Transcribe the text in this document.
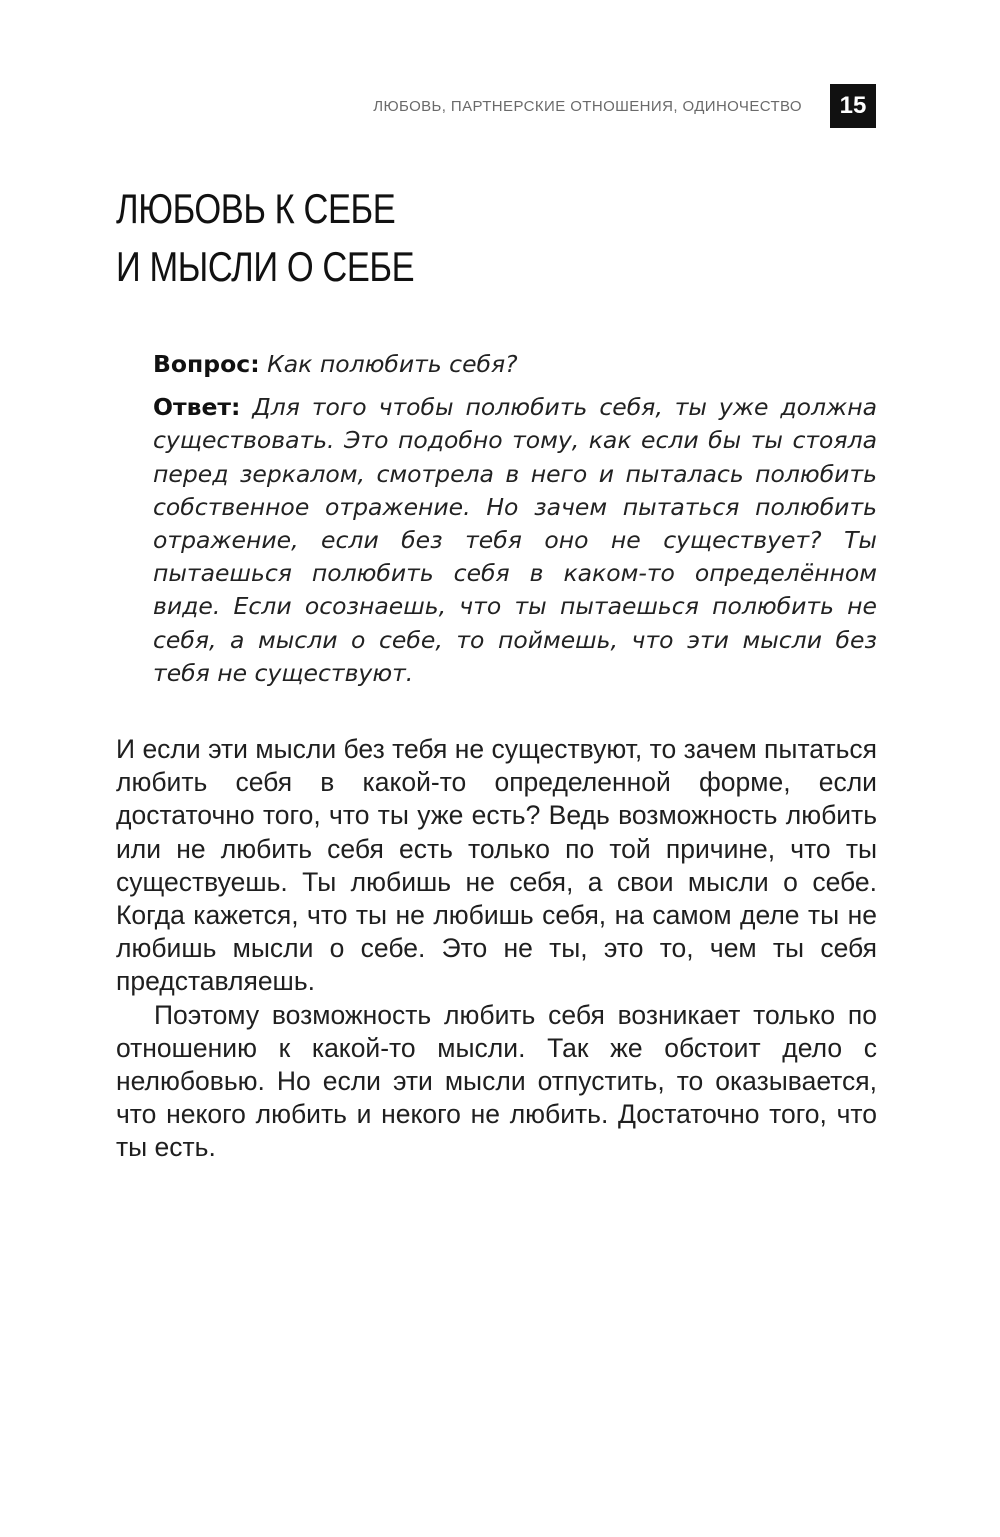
ЛЮБОВЬ, ПАРТНЕРСКИЕ ОТНОШЕНИЯ, ОДИНОЧЕСТВО	15
ЛЮБОВЬ К СЕБЕ
И МЫСЛИ О СЕБЕ

Вопрос: Как полюбить себя?

Ответ: Для того чтобы полюбить себя, ты уже должна существовать. Это подобно тому, как если бы ты стояла перед зеркалом, смотрела в него и пыталась полюбить собственное отражение. Но зачем пытаться полюбить отражение, если без тебя оно не существует? Ты пытаешься полюбить себя в каком-то определённом виде. Если осознаешь, что ты пытаешься полюбить не себя, а мысли о себе, то поймешь, что эти мысли без тебя не существуют.

И если эти мысли без тебя не существуют, то зачем пытаться любить себя в какой-то определенной форме, если достаточно того, что ты уже есть? Ведь возможность любить или не любить себя есть только по той причине, что ты существуешь. Ты любишь не себя, а свои мысли о себе. Когда кажется, что ты не любишь себя, на самом деле ты не любишь мысли о себе. Это не ты, это то, чем ты себя представляешь.

Поэтому возможность любить себя возникает только по отношению к какой-то мысли. Так же обстоит дело с нелюбовью. Но если эти мысли отпустить, то оказывается, что некого любить и некого не любить. Достаточно того, что ты есть.
